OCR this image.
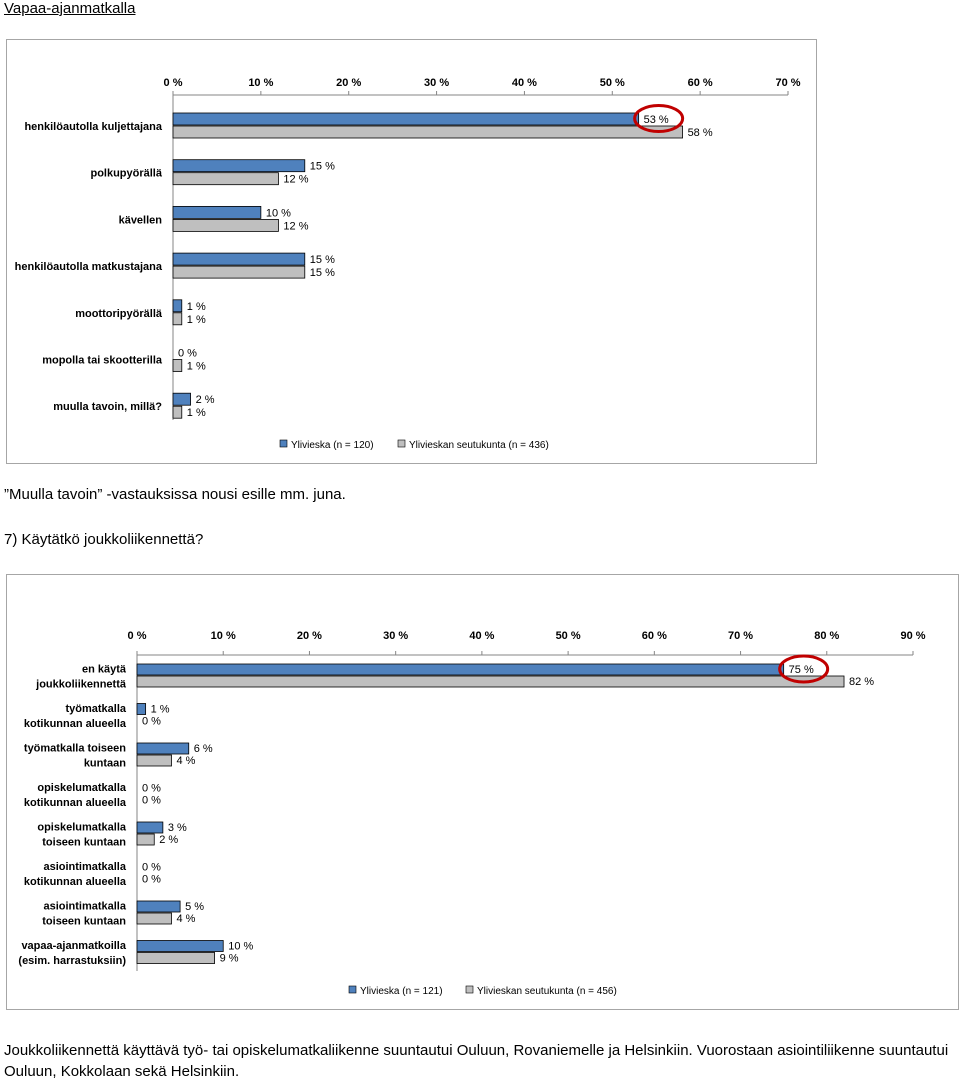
Vapaa-ajanmatkalla
0 %	10 %	20 %	30 %	40 %	50 %	60 %	70 %
henkilöautolla kuljettajana
53 %
58 %
polkupyörällä
15 %
12 %
kävellen
10 %
12 %
henkilöautolla matkustajana
15 %
15 %
moottoripyörällä
1 %
1 %
mopolla tai skootterilla
0 %
1 %
muulla tavoin, millä?
2 %
1 %
Ylivieska (n = 120)	Ylivieskan seutukunta (n = 436)
”Muulla tavoin” -vastauksissa nousi esille mm. juna.
7) Käytätkö joukkoliikennettä?
0 %	10 %	20 %	30 %	40 %	50 %	60 %	70 %	80 %	90 %
en käytä
joukkoliikennettä
75 %
82 %
työmatkalla
kotikunnan alueella
1 %
0 %
työmatkalla toiseen
kuntaan
6 %
4 %
opiskelumatkalla
kotikunnan alueella
0 %
0 %
opiskelumatkalla
toiseen kuntaan
3 %
2 %
asiointimatkalla
kotikunnan alueella
0 %
0 %
asiointimatkalla
toiseen kuntaan
5 %
4 %
vapaa-ajanmatkoilla
(esim. harrastuksiin)
10 %
9 %
Ylivieska (n = 121)	Ylivieskan seutukunta (n = 456)
Joukkoliikennettä käyttävä työ- tai opiskelumatkaliikenne suuntautui Ouluun, Rovaniemelle ja Helsinkiin. Vuorostaan asiointiliikenne suuntautui Ouluun, Kokkolaan sekä Helsinkiin.
